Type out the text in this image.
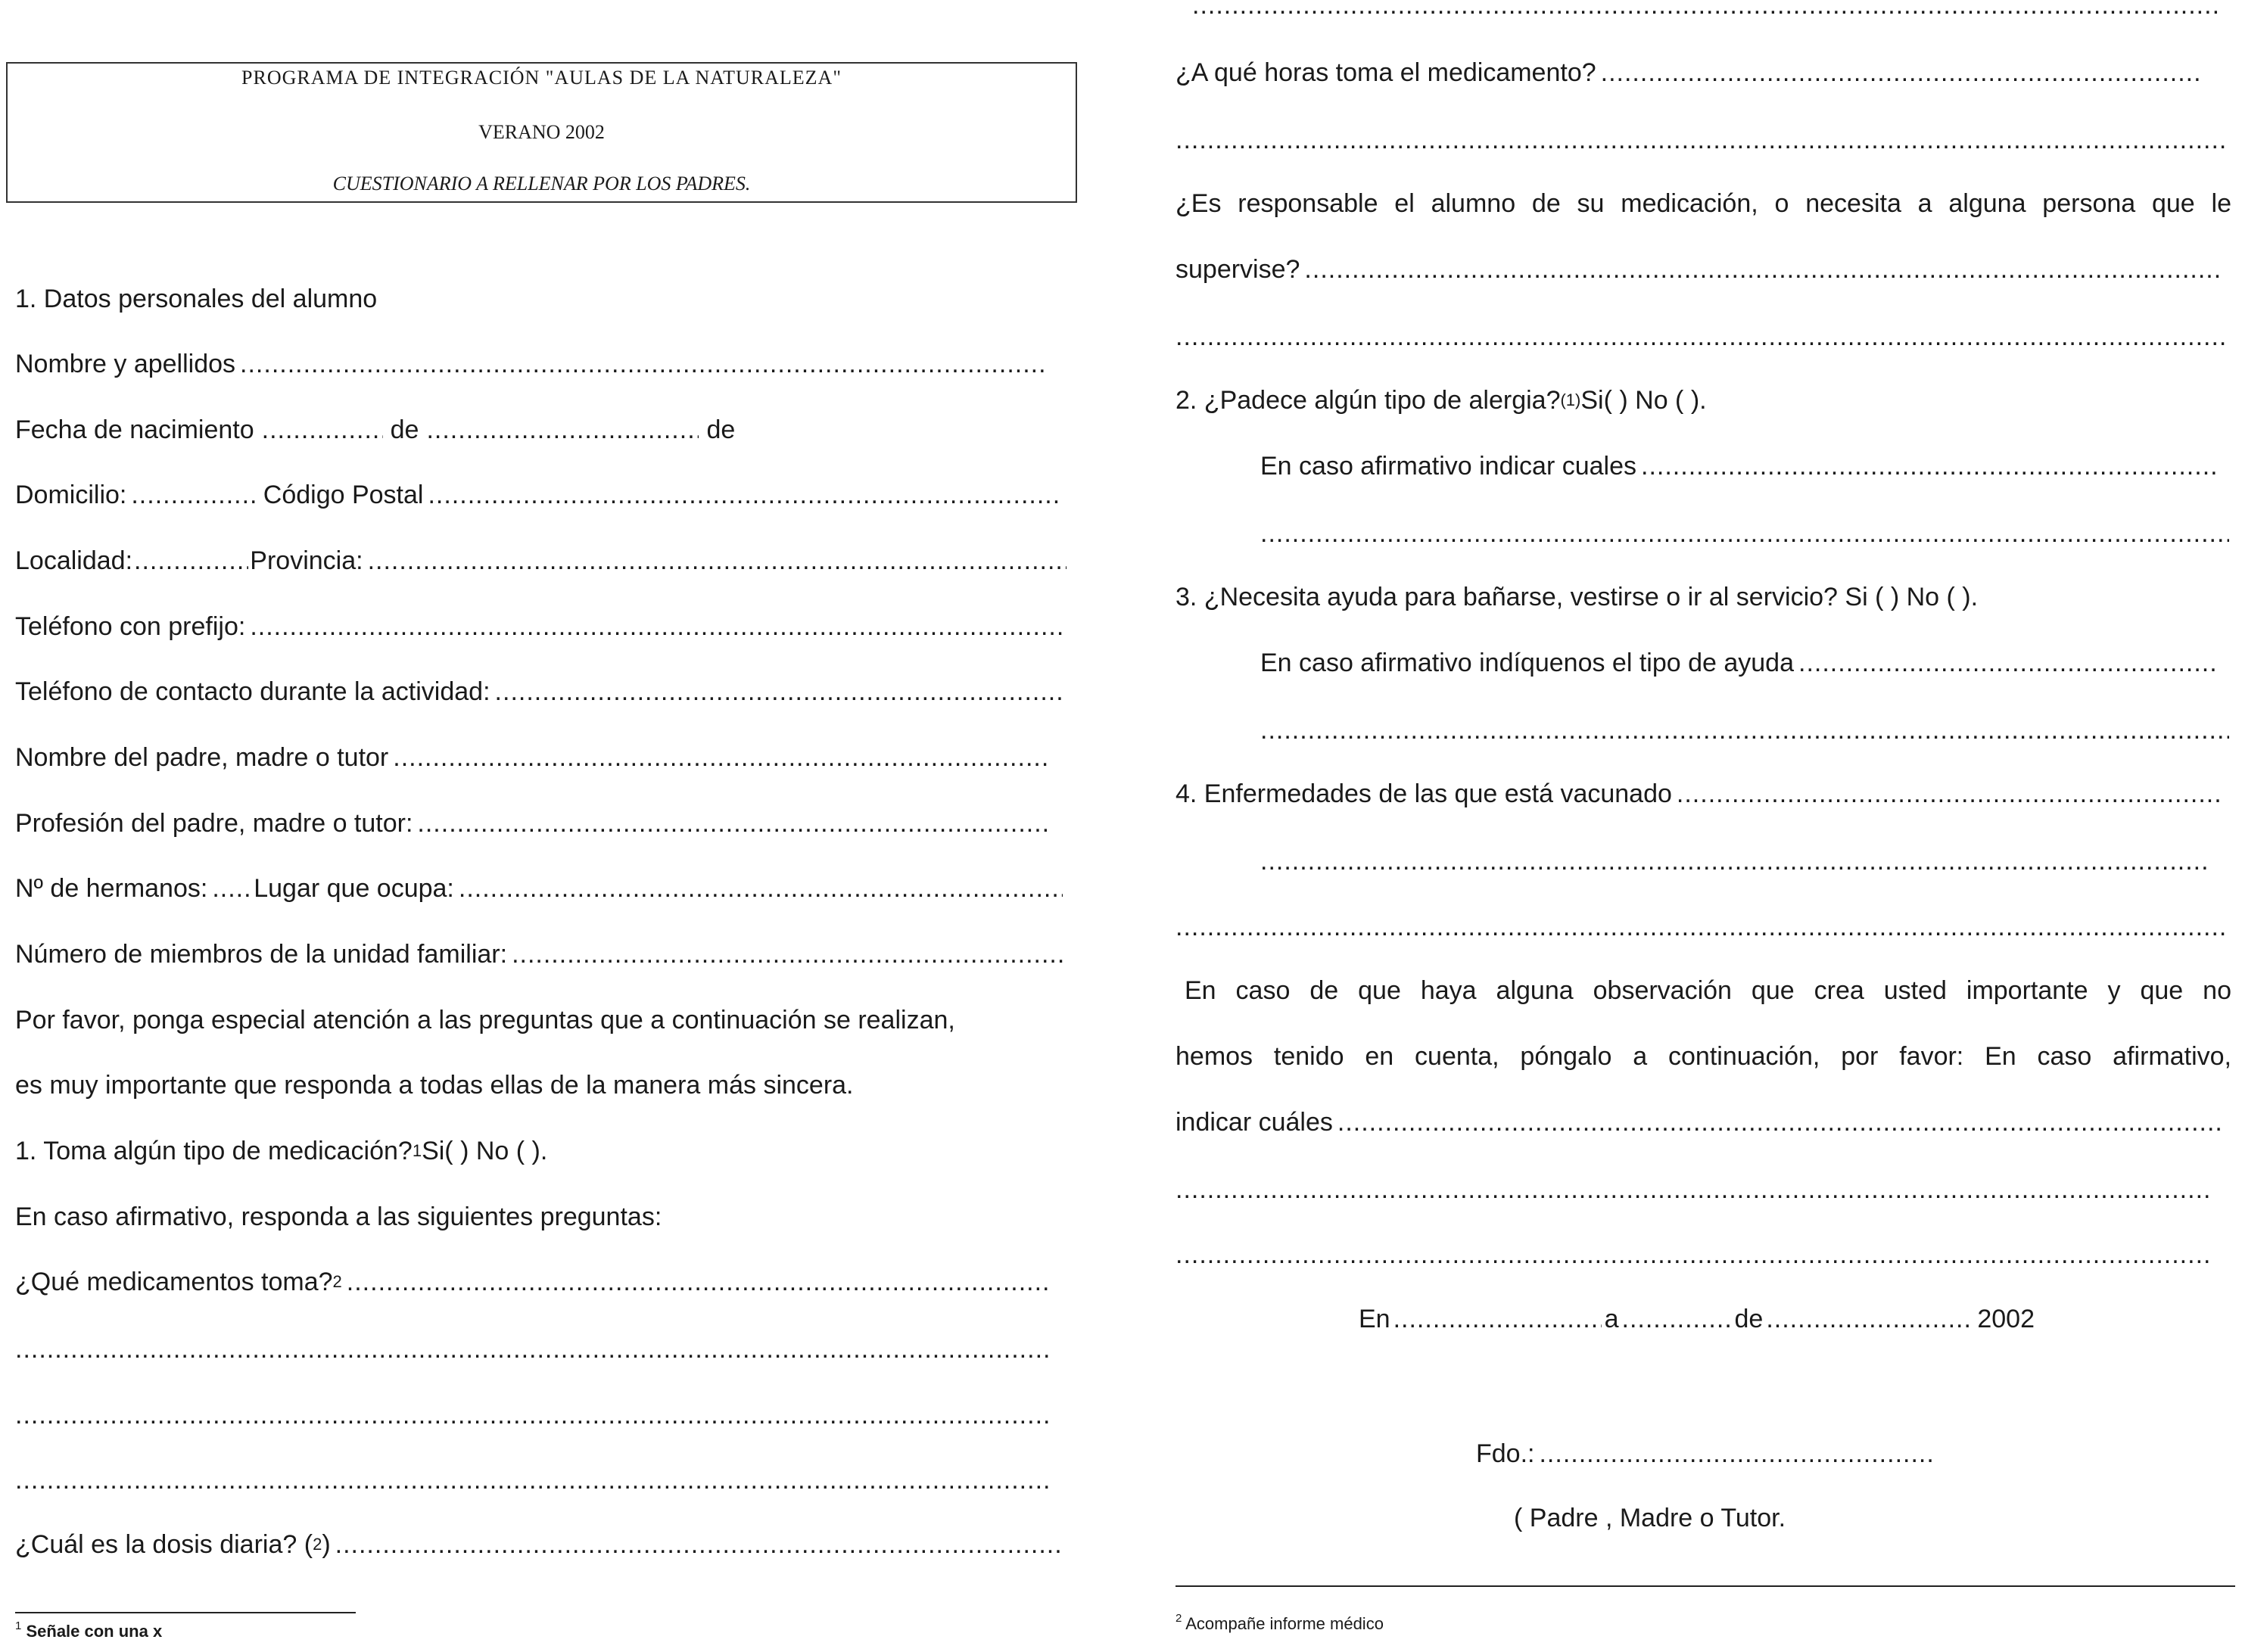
PROGRAMA DE INTEGRACIÓN "AULAS DE LA NATURALEZA"
VERANO 2002
CUESTIONARIO A RELLENAR POR LOS PADRES.
1. Datos personales del alumno
Nombre y apellidos
.....
Fecha de nacimiento .....	de .....	de
Domicilio: .....	Código Postal
.....
Localidad: .....	Provincia:
.....
Teléfono con prefijo:
.....
Teléfono de contacto durante la actividad:
.....
Nombre del padre, madre o tutor
.....
Profesión del padre, madre o tutor:
.....
Nº de hermanos: ..... Lugar que ocupa:
.....
Número de miembros de la unidad familiar:
.....
Por favor, ponga especial atención a las preguntas que a continuación se realizan,
es muy importante que responda a todas ellas de la manera más sincera.
1. Toma algún tipo de medicación?$^1$ Si( ) No ( ).
En caso afirmativo, responda a las siguientes preguntas:
¿Qué medicamentos toma?$^2$
.....
.....
.....
.....
¿Cuál es la dosis diaria? ($^2$ )
.....
$^1$ Señale con una x
.....
¿A qué horas toma el medicamento?
.....
.....
¿Es responsable el alumno de su medicación, o necesita a alguna persona que le
supervise?
.....
.....
2. ¿Padece algún tipo de alergia?$^{(1)}$ Si( ) No ( ).
En caso afirmativo indicar cuales
.....
.....
3. ¿Necesita ayuda para bañarse, vestirse o ir al servicio? Si ( ) No ( ).
En caso afirmativo indíquenos el tipo de ayuda
.....
.....
4. Enfermedades de las que está vacunado
.....
.....
.....
En caso de que haya alguna observación que crea usted importante y que no
hemos tenido en cuenta, póngalo a continuación, por favor: En caso afirmativo,
indicar cuáles
.....
.....
.....
En .....	a .....	de .....	2002
Fdo.:
.....
( Padre , Madre o Tutor.
$^2$ Acompañe informe médico
